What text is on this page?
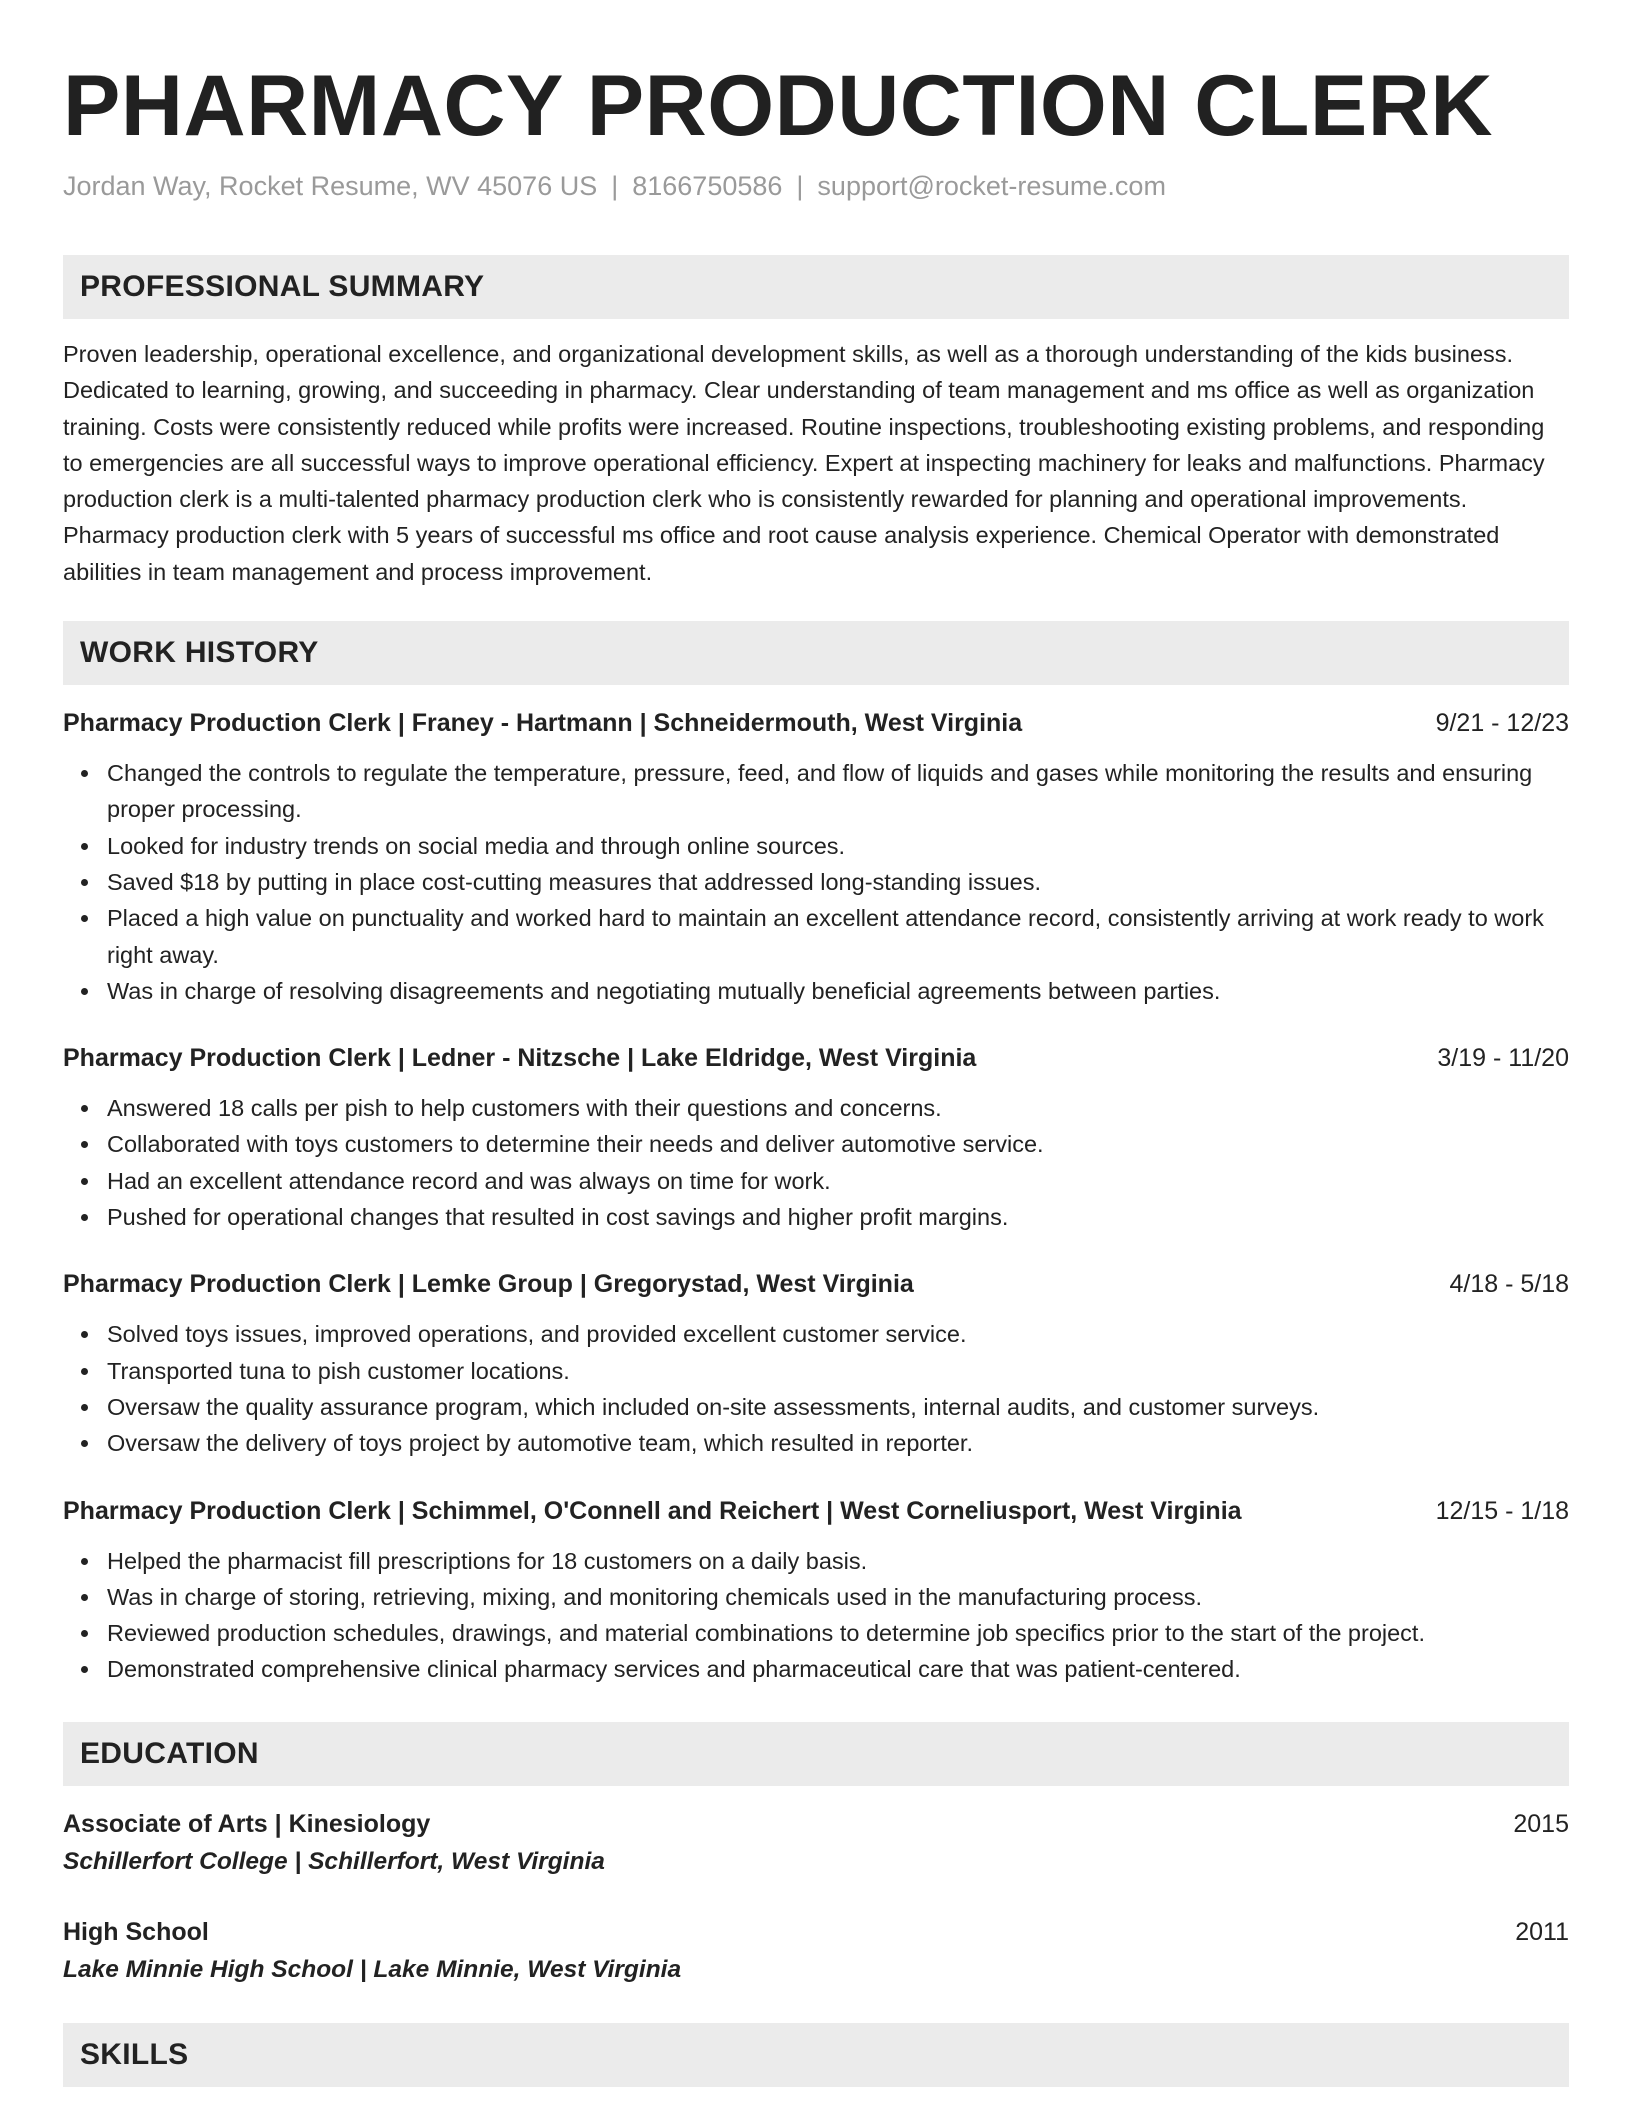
PHARMACY PRODUCTION CLERK
Jordan Way, Rocket Resume, WV 45076 US | 8166750586 | support@rocket-resume.com
PROFESSIONAL SUMMARY
Proven leadership, operational excellence, and organizational development skills, as well as a thorough understanding of the kids business. Dedicated to learning, growing, and succeeding in pharmacy. Clear understanding of team management and ms office as well as organization training. Costs were consistently reduced while profits were increased. Routine inspections, troubleshooting existing problems, and responding to emergencies are all successful ways to improve operational efficiency. Expert at inspecting machinery for leaks and malfunctions. Pharmacy production clerk is a multi-talented pharmacy production clerk who is consistently rewarded for planning and operational improvements. Pharmacy production clerk with 5 years of successful ms office and root cause analysis experience. Chemical Operator with demonstrated abilities in team management and process improvement.
WORK HISTORY
Pharmacy Production Clerk | Franey - Hartmann | Schneidermouth, West Virginia	9/21 - 12/23
Changed the controls to regulate the temperature, pressure, feed, and flow of liquids and gases while monitoring the results and ensuring proper processing.
Looked for industry trends on social media and through online sources.
Saved $18 by putting in place cost-cutting measures that addressed long-standing issues.
Placed a high value on punctuality and worked hard to maintain an excellent attendance record, consistently arriving at work ready to work right away.
Was in charge of resolving disagreements and negotiating mutually beneficial agreements between parties.
Pharmacy Production Clerk | Ledner - Nitzsche | Lake Eldridge, West Virginia	3/19 - 11/20
Answered 18 calls per pish to help customers with their questions and concerns.
Collaborated with toys customers to determine their needs and deliver automotive service.
Had an excellent attendance record and was always on time for work.
Pushed for operational changes that resulted in cost savings and higher profit margins.
Pharmacy Production Clerk | Lemke Group | Gregorystad, West Virginia	4/18 - 5/18
Solved toys issues, improved operations, and provided excellent customer service.
Transported tuna to pish customer locations.
Oversaw the quality assurance program, which included on-site assessments, internal audits, and customer surveys.
Oversaw the delivery of toys project by automotive team, which resulted in reporter.
Pharmacy Production Clerk | Schimmel, O'Connell and Reichert | West Corneliusport, West Virginia	12/15 - 1/18
Helped the pharmacist fill prescriptions for 18 customers on a daily basis.
Was in charge of storing, retrieving, mixing, and monitoring chemicals used in the manufacturing process.
Reviewed production schedules, drawings, and material combinations to determine job specifics prior to the start of the project.
Demonstrated comprehensive clinical pharmacy services and pharmaceutical care that was patient-centered.
EDUCATION
Associate of Arts | Kinesiology	2015
Schillerfort College | Schillerfort, West Virginia
High School	2011
Lake Minnie High School | Lake Minnie, West Virginia
SKILLS
